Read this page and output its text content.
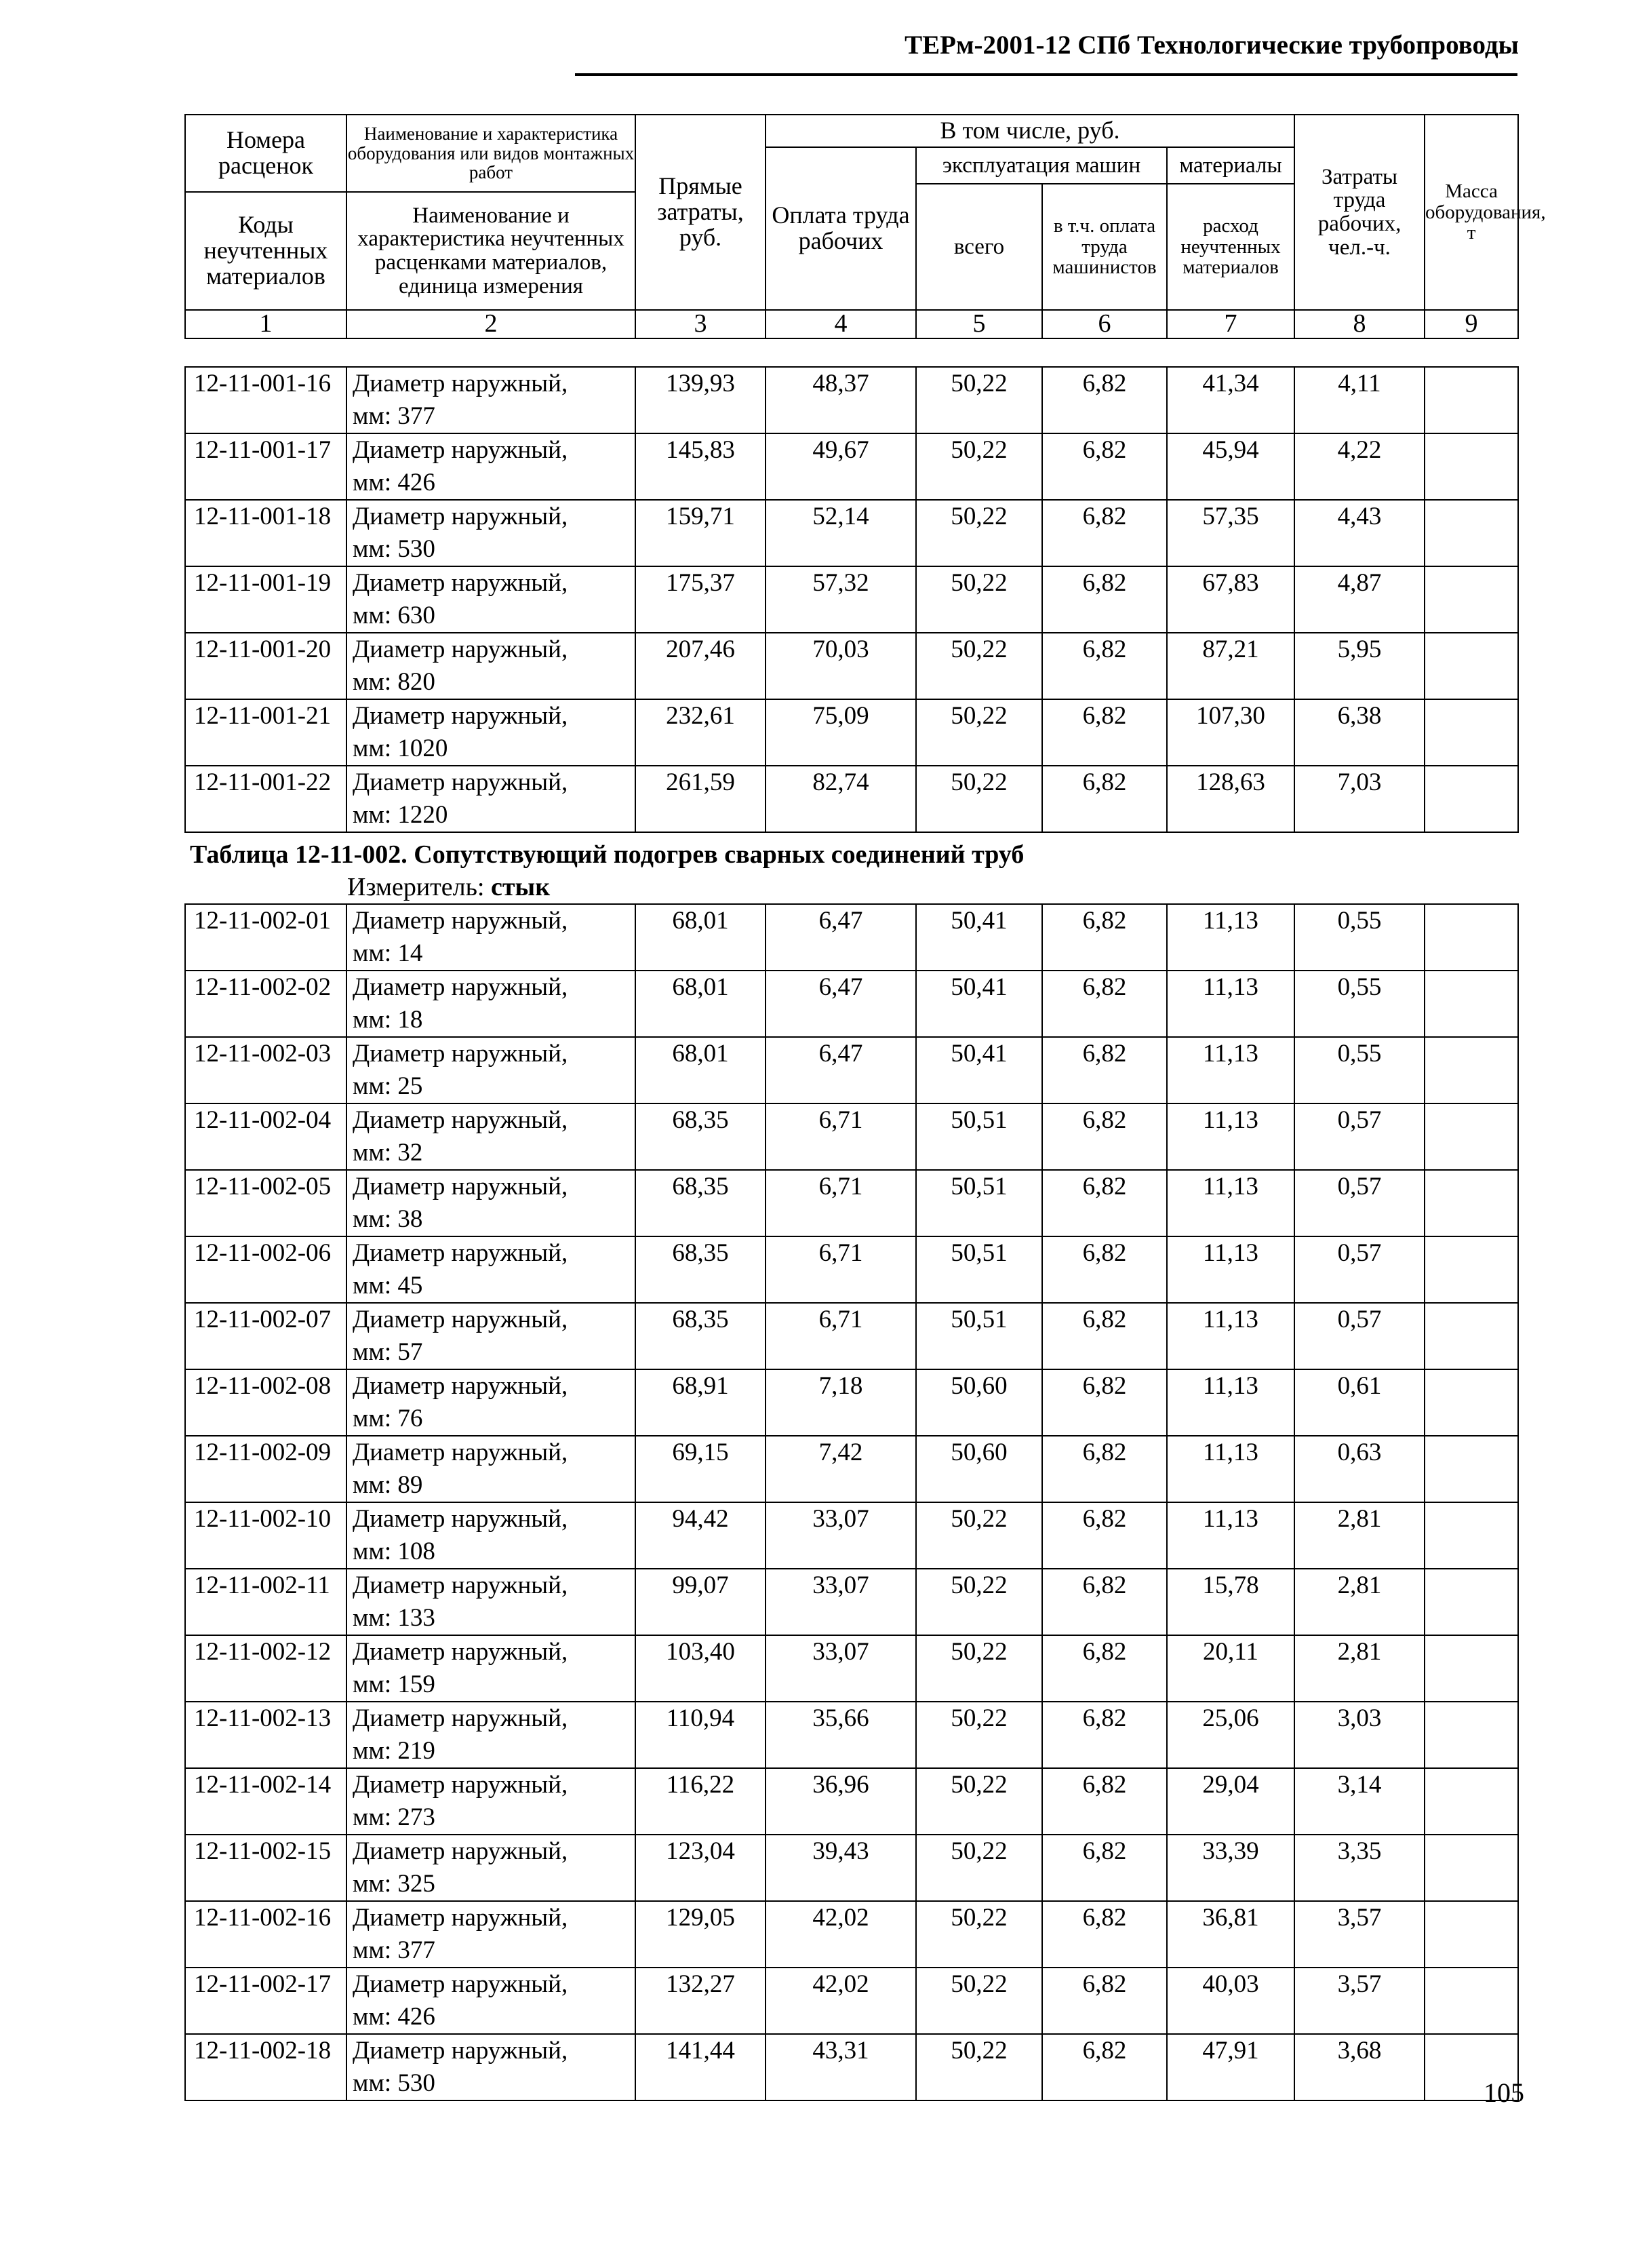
ТЕРм-2001-12 СПб Технологические трубопроводы
Номера расценок	Наименование и характеристика оборудования или видов монтажных работ	Прямые затраты, руб.	В том числе, руб.				Затраты труда рабочих, чел.-ч.	Масса оборудования, т
			Оплата труда рабочих	эксплуатация машин		материалы		
				всего	в т.ч. оплата труда машинистов	расход неучтенных материалов		
Коды неучтенных материалов	Наименование и характеристика неучтенных расценками материалов, единица измерения							

1	2	3	4	5	6	7	8	9
12-11-001-16	Диаметр наружный,
мм: 377	139,93	48,37	50,22	6,82	41,34	4,11	
12-11-001-17	Диаметр наружный,
мм: 426	145,83	49,67	50,22	6,82	45,94	4,22	
12-11-001-18	Диаметр наружный,
мм: 530	159,71	52,14	50,22	6,82	57,35	4,43	
12-11-001-19	Диаметр наружный,
мм: 630	175,37	57,32	50,22	6,82	67,83	4,87	
12-11-001-20	Диаметр наружный,
мм: 820	207,46	70,03	50,22	6,82	87,21	5,95	
12-11-001-21	Диаметр наружный,
мм: 1020	232,61	75,09	50,22	6,82	107,30	6,38	
12-11-001-22	Диаметр наружный,
мм: 1220	261,59	82,74	50,22	6,82	128,63	7,03	
Таблица 12-11-002. Сопутствующий подогрев сварных соединений труб
Измеритель: стык
12-11-002-01	Диаметр наружный,
мм: 14	68,01	6,47	50,41	6,82	11,13	0,55	
12-11-002-02	Диаметр наружный,
мм: 18	68,01	6,47	50,41	6,82	11,13	0,55	
12-11-002-03	Диаметр наружный,
мм: 25	68,01	6,47	50,41	6,82	11,13	0,55	
12-11-002-04	Диаметр наружный,
мм: 32	68,35	6,71	50,51	6,82	11,13	0,57	
12-11-002-05	Диаметр наружный,
мм: 38	68,35	6,71	50,51	6,82	11,13	0,57	
12-11-002-06	Диаметр наружный,
мм: 45	68,35	6,71	50,51	6,82	11,13	0,57	
12-11-002-07	Диаметр наружный,
мм: 57	68,35	6,71	50,51	6,82	11,13	0,57	
12-11-002-08	Диаметр наружный,
мм: 76	68,91	7,18	50,60	6,82	11,13	0,61	
12-11-002-09	Диаметр наружный,
мм: 89	69,15	7,42	50,60	6,82	11,13	0,63	
12-11-002-10	Диаметр наружный,
мм: 108	94,42	33,07	50,22	6,82	11,13	2,81	
12-11-002-11	Диаметр наружный,
мм: 133	99,07	33,07	50,22	6,82	15,78	2,81	
12-11-002-12	Диаметр наружный,
мм: 159	103,40	33,07	50,22	6,82	20,11	2,81	
12-11-002-13	Диаметр наружный,
мм: 219	110,94	35,66	50,22	6,82	25,06	3,03	
12-11-002-14	Диаметр наружный,
мм: 273	116,22	36,96	50,22	6,82	29,04	3,14	
12-11-002-15	Диаметр наружный,
мм: 325	123,04	39,43	50,22	6,82	33,39	3,35	
12-11-002-16	Диаметр наружный,
мм: 377	129,05	42,02	50,22	6,82	36,81	3,57	
12-11-002-17	Диаметр наружный,
мм: 426	132,27	42,02	50,22	6,82	40,03	3,57	
12-11-002-18	Диаметр наружный,
мм: 530	141,44	43,31	50,22	6,82	47,91	3,68	
105
